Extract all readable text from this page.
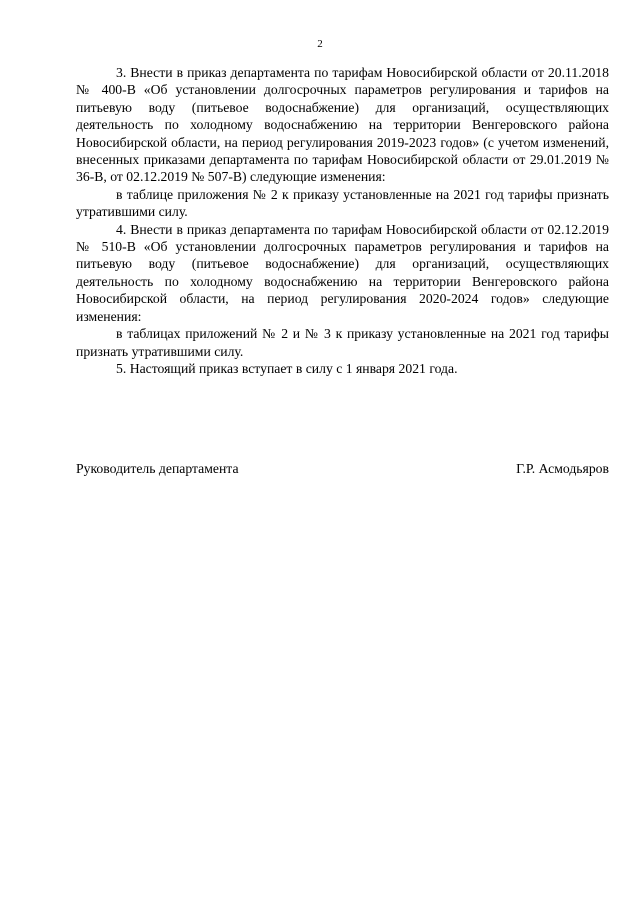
2

3. Внести в приказ департамента по тарифам Новосибирской области от 20.11.2018 № 400-В «Об установлении долгосрочных параметров регулирования и тарифов на питьевую воду (питьевое водоснабжение) для организаций, осуществляющих деятельность по холодному водоснабжению на территории Венгеровского района Новосибирской области, на период регулирования 2019-2023 годов» (с учетом изменений, внесенных приказами департамента по тарифам Новосибирской области от 29.01.2019 № 36-В, от 02.12.2019 № 507-В) следующие изменения:

в таблице приложения № 2 к приказу установленные на 2021 год тарифы признать утратившими силу.

4. Внести в приказ департамента по тарифам Новосибирской области от 02.12.2019 № 510-В «Об установлении долгосрочных параметров регулирования и тарифов на питьевую воду (питьевое водоснабжение) для организаций, осуществляющих деятельность по холодному водоснабжению на территории Венгеровского района Новосибирской области, на период регулирования 2020-2024 годов» следующие изменения:

в таблицах приложений № 2 и № 3 к приказу установленные на 2021 год тарифы признать утратившими силу.

5. Настоящий приказ вступает в силу с 1 января 2021 года.

Руководитель департамента	Г.Р. Асмодьяров
